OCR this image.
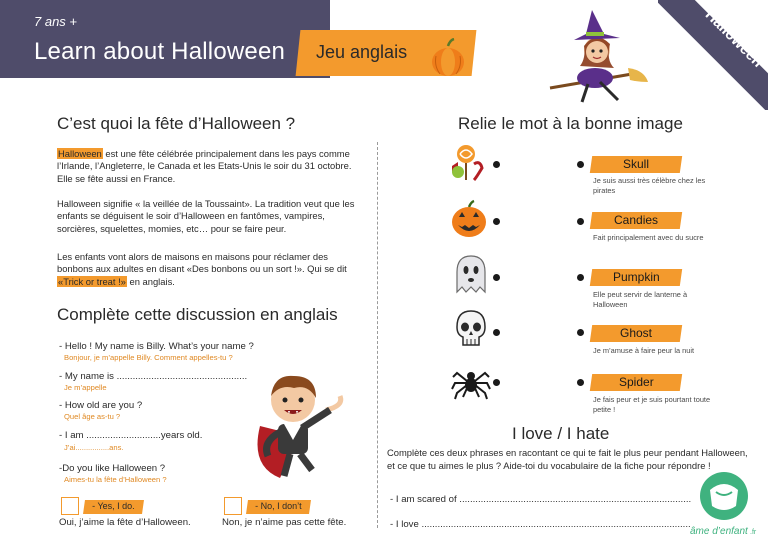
7 ans +
Learn about Halloween Jeu anglais	Halloween
C’est quoi la fête d’Halloween ?
Halloween est une fête célébrée principalement dans les pays comme l’Irlande, l’Angleterre, le Canada et les Etats-Unis le soir du 31 octobre. Elle se fête aussi en France.
Halloween signifie « la veillée de la Toussaint». La tradition veut que les enfants se déguisent le soir d’Halloween en fantômes, vampires, sorcières, squelettes, momies, etc… pour se faire peur.
Les enfants vont alors de maisons en maisons pour réclamer des bonbons aux adultes en disant «Des bonbons ou un sort !». Qui se dit «Trick or treat !» en anglais.
Complète cette discussion en anglais
- Hello ! My name is Billy. What’s your name ?
Bonjour, je m’appelle Billy. Comment appelles-tu ?
- My name is .................................................
Je m’appelle
- How old are you ?
Quel âge as-tu ?
- I am ............................years old.
J’ai................ans.
-Do you like Halloween ?
Aimes-tu la fête d’Halloween ?
- Yes, I do.
Oui, j’aime la fête d’Halloween.
- No, I don’t
Non, je n’aime pas cette fête.
Relie le mot à la bonne image
Skull
Je suis aussi très célèbre chez les pirates
Candies
Fait principalement avec du sucre
Pumpkin
Elle peut servir de lanterne à Halloween
Ghost
Je m’amuse à faire peur la nuit
Spider
Je fais peur et je suis pourtant toute petite !
I love / I hate
Complète ces deux phrases en racontant ce qui te fait le plus peur pendant Halloween, et ce que tu aimes le plus ? Aide-toi du vocabulaire de la fiche pour répondre !
- I am scared of .......................................................................................
- I love .....................................................................................................
âme d’enfant .fr
